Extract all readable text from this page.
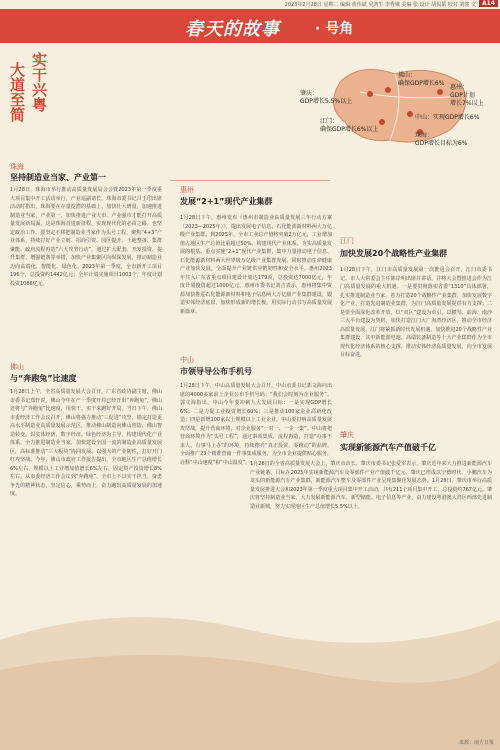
2023年2月28日 星期二 编辑 黄伟斌 吴鸿生 李秀娥 美编 张 设计 胡侃韬 校对 刘骏 文	A14
春天的故事	· 号角
实干兴粤
大道至简	佛山：
确保GDP增长6%
肇庆：
GDP增长5.5%以上
惠州：
GDP计划
增长7%以上
中山：实现GDP增长6%
江门：
确保GDP增长6%以上
珠海：
GDP增长目标为6%
珠海
坚持制造业当家、产业第一
1月28日，珠海市举行推动高质量发展局会会暨2023年第一季度重大项目集中开工活动举行，产业巡副诸长，珠海市委书记吕玉印出席活动时指出，珠海要在存量挖潜的基础上，加快壮大增量，加速推进制造业当家，产业第一，加快推进产业大市、产业强市才能打开高质量发展新局面。这是珠海首进新征程，实现现代化的必由之路，也坚定政治工作。要坚定不移把制造业当家作为头号工程，聚焦“4+3”产业体系，持续打好产业立链、招商引资、园区提升、土地整备、集群聚能、政府流程再造“六大攻坚行动”，通过扩大配套、开发投资、提升集群、增强链条等举措，加快产业集聚区向纵深发展，推动制造业迈向高端化、智能化、绿色化。2023年第一季度，全市新开工项目196个，总投资约1442亿元；全年计划实施项目1003个，年度计划投资1086亿元。
佛山
与“奔跑兔”比速度
1月28日上午，全省高质量发展大会召开，广东省政协副主席、佛山市委书记郑轩说，佛山今年在产一季度开局已经开出“奔跑兔”，佛山还将与“奔跑兔”比速度，用快干、实干来跑好开局。当日下午，佛山市委经济工作会议召开，佛山将强力推动“三促进”攻坚，锚定打造更高水平制造业高质量发展示范区，推动佛山制造向佛山创造、佛山智造转变，以实体经济、数字经济、绿色经济为主导，构建现代化产业体系，全力推进制造业当家，加快建设全国一流的制造业高质量发展区，高标准推动“三大板块”协同发展。以强大的产业韧性，打好开门红攻坚战。今年，佛山市政府工作报告提出，全市地区生产总值增长6%左右，规模以上工业增加值增长6%左右，固定资产投资增长8%左右。从市委经济工作会议到“奔跑兔”，全市上下以实干担当、奋勇争先的精神状态，坚定信心，乘势而上，奋力跑出高质量发展的加速度。
惠州
发展“2+1”现代产业集群
1月28日下午，惠州发布《惠州市制造业高质量发展三年行动方案（2023—2025年）》，提出发展电子信息、石化能源新材料两大万亿级产业集群。到2025年，全市工业总产值将突破2万亿元，工业增加值占地区生产总值比重超过50%。构建现代产业体系，夯实高质量发展的根基。重点实施“2+1”现代产业集群，集中力量推动电子信息、石化能源新材料两大世界级万亿级产业集群发展，同时推动生命健康产业加快发展，全面提升产业链供应链韧性和安全水平。惠州2023年共入广东省重点项目建设计划达179项，总投资达7000亿元，年度计划投资超过1000亿元。惠州市委书记刘吉表示，惠州将集中资源加快推进石化能源新材料和电子信息两大万亿级产业集群建设，锻造实体经济底盘，加快形成新的增长极，用实际行动书写高质量发展新篇章。
中山
市领导导公布手机号
1月28日下午，中山高质量发展大会召开，中山市委书记郭文海向出席的4000多家前上企业公布手机号码：“我们会时刻为企业服务”。郭文海指出，中山今年要冲刺九大发展目标：一是实现GDP增长6%；二是力促工业投资增长60%；三是推动100家企业高新化改造；四是新增100家以上规模以上工业企业。中山要打响高质量发展攻坚战，提升营商环境，对企业服务“一对一、一企一策”。中山将把营商环境作为“头号工程”，通过事项集成、流程再造，打造“办事不求人、有事马上办”的环境，持续擦亮“真正投资，零跑动”的品牌。全面推广23个精准营商一件事集成服务，为全市企业提供贴心服务，诠释“中山速度”和“中山温度”。
江门
加快发展20个战略性产业集群
1月28日下午，江门市高质量发展第一次推进会召开，江门市委书记、市人大常委会主任陈岸明出席并讲话，并将大会暨推进会作为江门高质量发展的重大机遇。一是要贯彻落实省委“1310”具体部署，扎实推进制造业当家，着力打造20个战略性产业集群，加快发展数字化产业，打造先进制造业集群，为江门高质量发展提供有力支撑；二是要全面深化改革开放，以“双区”建设为牵引，以横琴、前海、南沙三大平台建设为契机，加快打造江门大广海湾经济区，推动全市经济高质量发展。江门将紧抓新时代发展机遇，加快推进20个战略性产业集群建设，其中新能源电池、高端装备制造等十大产业集群作为全市现代化经济体系的核心支撑，推动实体经济高质量发展，向全市发展目标奋进。
肇庆
实现新能源汽车产值破千亿
1月28日的全省高质量发展大会上，肇庆市市长、肇庆市委书记张爱军表示，肇庆近年来大力推进新能源汽车产业链条，目标在2025年实现新能源汽车及零部件产业产值破千亿元。肇庆已形成以宁德时代、小鹏汽车为龙头的新能源汽车产业集群，新能源汽车整车及零部件产业呈现集聚化发展态势。1月28日，肇庆市举行高质量发展推进大会和2023年第一季度重大项目集中开工活动，共有211个项目集中开工，总投资约767亿元。肇庆将坚持制造业当家，大力发展新能源汽车、新型储能、电子信息等产业，奋力建设粤港澳大湾区西部先进制造业新城，努力实现地区生产总值增长5.5%以上。
来源：南方日报
